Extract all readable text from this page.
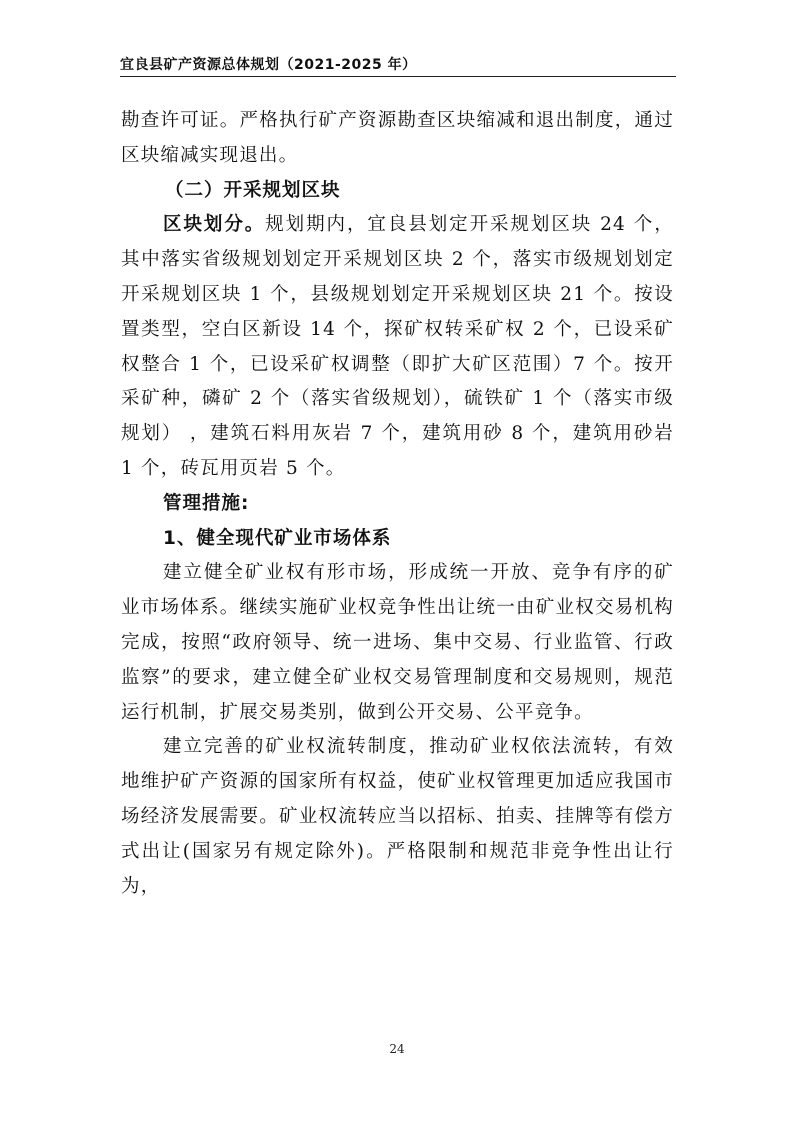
宜良县矿产资源总体规划（2021-2025 年）

勘查许可证。严格执行矿产资源勘查区块缩减和退出制度，通过区块缩减实现退出。

（二）开采规划区块

区块划分。规划期内，宜良县划定开采规划区块 24 个，其中落实省级规划划定开采规划区块 2 个，落实市级规划划定开采规划区块 1 个，县级规划划定开采规划区块 21 个。按设置类型，空白区新设 14 个，探矿权转采矿权 2 个，已设采矿权整合 1 个，已设采矿权调整（即扩大矿区范围）7 个。按开采矿种，磷矿 2 个（落实省级规划），硫铁矿 1 个（落实市级规划） ，建筑石料用灰岩 7 个，建筑用砂 8 个，建筑用砂岩 1 个，砖瓦用页岩 5 个。

管理措施:
1、健全现代矿业市场体系

建立健全矿业权有形市场，形成统一开放、竞争有序的矿业市场体系。继续实施矿业权竞争性出让统一由矿业权交易机构完成，按照“政府领导、统一进场、集中交易、行业监管、行政监察”的要求，建立健全矿业权交易管理制度和交易规则，规范运行机制，扩展交易类别，做到公开交易、公平竞争。

建立完善的矿业权流转制度，推动矿业权依法流转，有效地维护矿产资源的国家所有权益，使矿业权管理更加适应我国市场经济发展需要。矿业权流转应当以招标、拍卖、挂牌等有偿方式出让(国家另有规定除外)。严格限制和规范非竞争性出让行为，

24
